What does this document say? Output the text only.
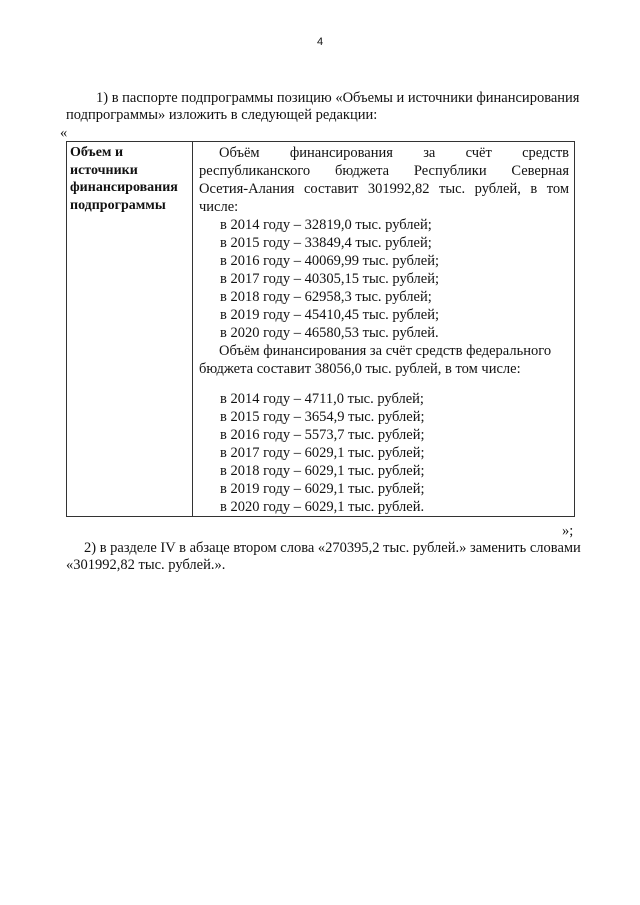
4
1) в паспорте подпрограммы позицию «Объемы и источники финансирования
подпрограммы» изложить в следующей редакции:
«
Объем и
источники
финансирования
подпрограммы
Объём финансирования за счёт средств
республиканского бюджета Республики Северная
Осетия-Алания составит 301992,82 тыс. рублей, в том
числе:
в 2014 году – 32819,0 тыс. рублей;
в 2015 году – 33849,4 тыс. рублей;
в 2016 году – 40069,99 тыс. рублей;
в 2017 году – 40305,15 тыс. рублей;
в 2018 году – 62958,3 тыс. рублей;
в 2019 году – 45410,45 тыс. рублей;
в 2020 году – 46580,53 тыс. рублей.
Объём финансирования за счёт средств федерального
бюджета составит 38056,0 тыс. рублей, в том числе:
в 2014 году – 4711,0 тыс. рублей;
в 2015 году – 3654,9 тыс. рублей;
в 2016 году – 5573,7 тыс. рублей;
в 2017 году – 6029,1 тыс. рублей;
в 2018 году – 6029,1 тыс. рублей;
в 2019 году – 6029,1 тыс. рублей;
в 2020 году – 6029,1 тыс. рублей.
»;
2) в разделе IV в абзаце втором слова «270395,2 тыс. рублей.» заменить словами
«301992,82 тыс. рублей.».
